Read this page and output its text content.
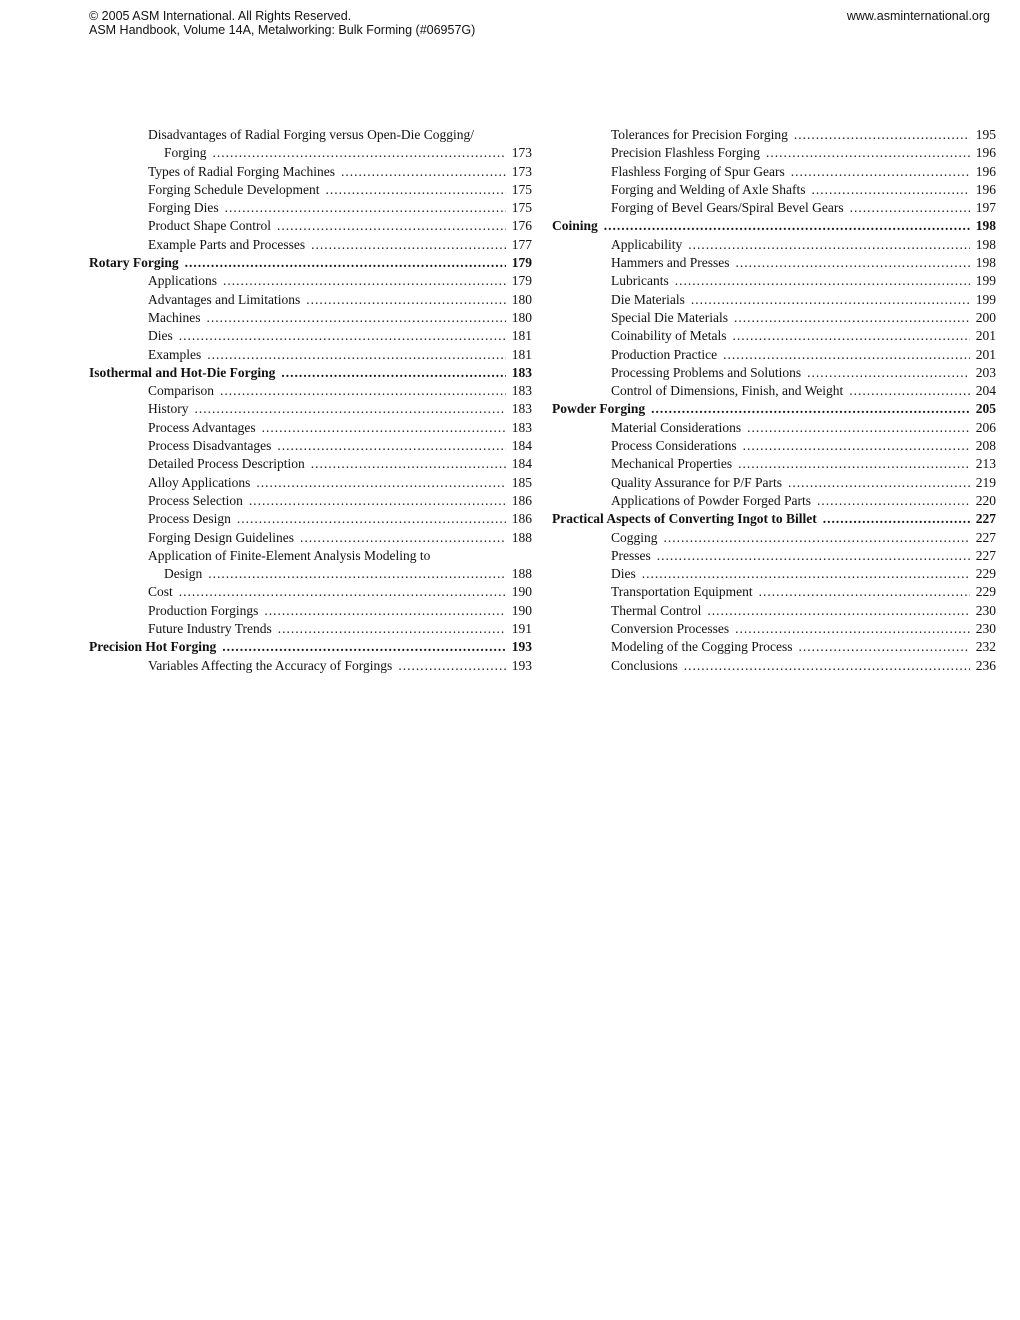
© 2005 ASM International. All Rights Reserved.
ASM Handbook, Volume 14A, Metalworking: Bulk Forming (#06957G)
www.asminternational.org
Disadvantages of Radial Forging versus Open-Die Cogging/
Forging .....	173
Types of Radial Forging Machines .....	173
Forging Schedule Development .....	175
Forging Dies .....	175
Product Shape Control .....	176
Example Parts and Processes .....	177
Rotary Forging .....	179
Applications .....	179
Advantages and Limitations .....	180
Machines .....	180
Dies .....	181
Examples .....	181
Isothermal and Hot-Die Forging .....	183
Comparison .....	183
History .....	183
Process Advantages .....	183
Process Disadvantages .....	184
Detailed Process Description .....	184
Alloy Applications .....	185
Process Selection .....	186
Process Design .....	186
Forging Design Guidelines .....	188
Application of Finite-Element Analysis Modeling to
Design .....	188
Cost .....	190
Production Forgings .....	190
Future Industry Trends .....	191
Precision Hot Forging .....	193
Variables Affecting the Accuracy of Forgings .....	193
Tolerances for Precision Forging .....	195
Precision Flashless Forging .....	196
Flashless Forging of Spur Gears .....	196
Forging and Welding of Axle Shafts .....	196
Forging of Bevel Gears/Spiral Bevel Gears .....	197
Coining .....	198
Applicability .....	198
Hammers and Presses .....	198
Lubricants .....	199
Die Materials .....	199
Special Die Materials .....	200
Coinability of Metals .....	201
Production Practice .....	201
Processing Problems and Solutions .....	203
Control of Dimensions, Finish, and Weight .....	204
Powder Forging .....	205
Material Considerations .....	206
Process Considerations .....	208
Mechanical Properties .....	213
Quality Assurance for P/F Parts .....	219
Applications of Powder Forged Parts .....	220
Practical Aspects of Converting Ingot to Billet .....	227
Cogging .....	227
Presses .....	227
Dies .....	229
Transportation Equipment .....	229
Thermal Control .....	230
Conversion Processes .....	230
Modeling of the Cogging Process .....	232
Conclusions .....	236
